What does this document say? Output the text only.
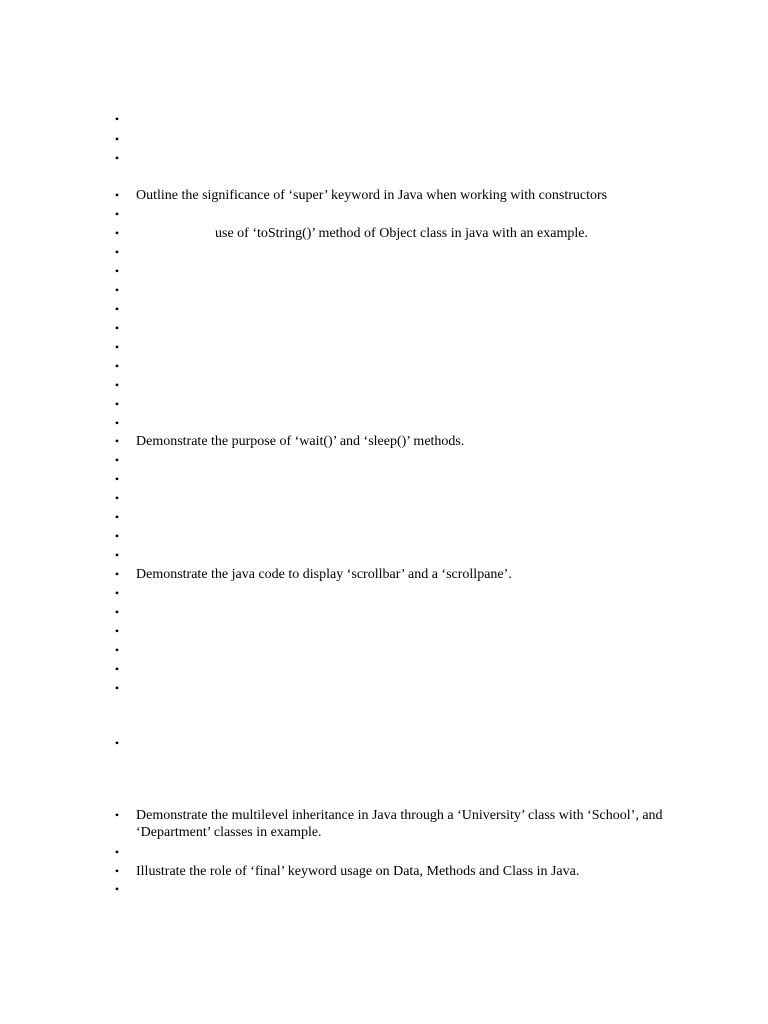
•
•
•
• Outline the significance of ‘super’ keyword in Java when working with constructors
•
•	use of ‘toString()’ method of Object class in java with an example.
•
•
•
•
•
•
•
•
•
•
• Demonstrate the purpose of ‘wait()’ and ‘sleep()’ methods.
•
•
•
•
•
•
• Demonstrate the java code to display ‘scrollbar’ and a ‘scrollpane’.
•
•
•
•
•
•
•
• Demonstrate the multilevel inheritance in Java through a ‘University’ class with ‘School’, and ‘Department’ classes in example.
•
• Illustrate the role of ‘final’ keyword usage on Data, Methods and Class in Java.
•
